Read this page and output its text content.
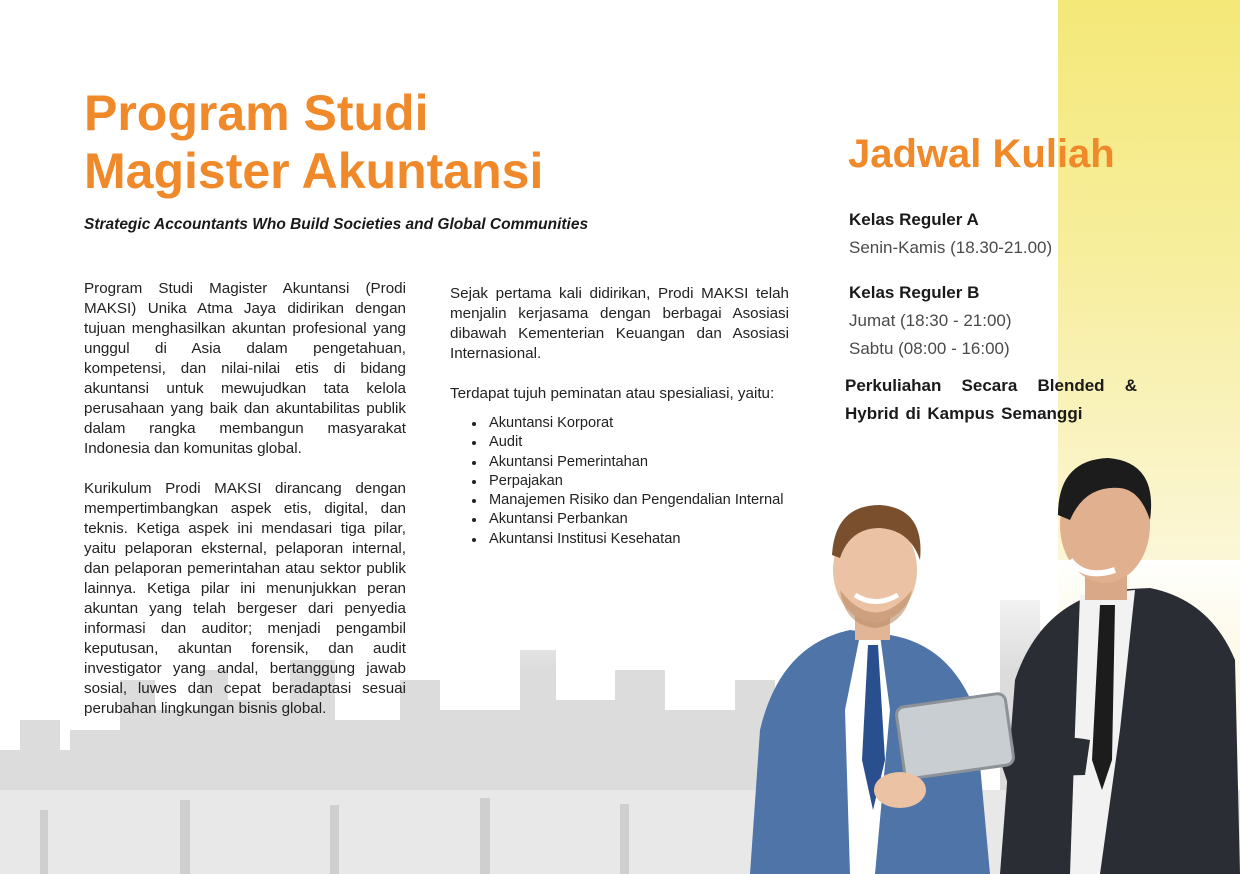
Program Studi
Magister Akuntansi

Strategic Accountants Who Build Societies and Global Communities

Program Studi Magister Akuntansi (Prodi MAKSI) Unika Atma Jaya didirikan dengan tujuan menghasilkan akuntan profesional yang unggul di Asia dalam pengetahuan, kompetensi, dan nilai-nilai etis di bidang akuntansi untuk mewujudkan tata kelola perusahaan yang baik dan akuntabilitas publik dalam rangka membangun masyarakat Indonesia dan komunitas global.

Kurikulum Prodi MAKSI dirancang dengan mempertimbangkan aspek etis, digital, dan teknis. Ketiga aspek ini mendasari tiga pilar, yaitu pelaporan eksternal, pelaporan internal, dan pelaporan pemerintahan atau sektor publik lainnya. Ketiga pilar ini menunjukkan peran akuntan yang telah bergeser dari penyedia informasi dan auditor; menjadi pengambil keputusan, akuntan forensik, dan audit investigator yang andal, bertanggung jawab sosial, luwes dan cepat beradaptasi sesuai perubahan lingkungan bisnis global.

Sejak pertama kali didirikan, Prodi MAKSI telah menjalin kerjasama dengan berbagai Asosiasi dibawah Kementerian Keuangan dan Asosiasi Internasional.

Terdapat tujuh peminatan atau spesialiasi, yaitu:

Akuntansi Korporat
Audit
Akuntansi Pemerintahan
Perpajakan
Manajemen Risiko dan Pengendalian Internal
Akuntansi Perbankan
Akuntansi Institusi Kesehatan
Jadwal Kuliah
Kelas Reguler A
Senin-Kamis (18.30-21.00)
Kelas Reguler B
Jumat (18:30 - 21:00)
Sabtu (08:00 - 16:00)

Perkuliahan Secara Blended & Hybrid di Kampus Semanggi
